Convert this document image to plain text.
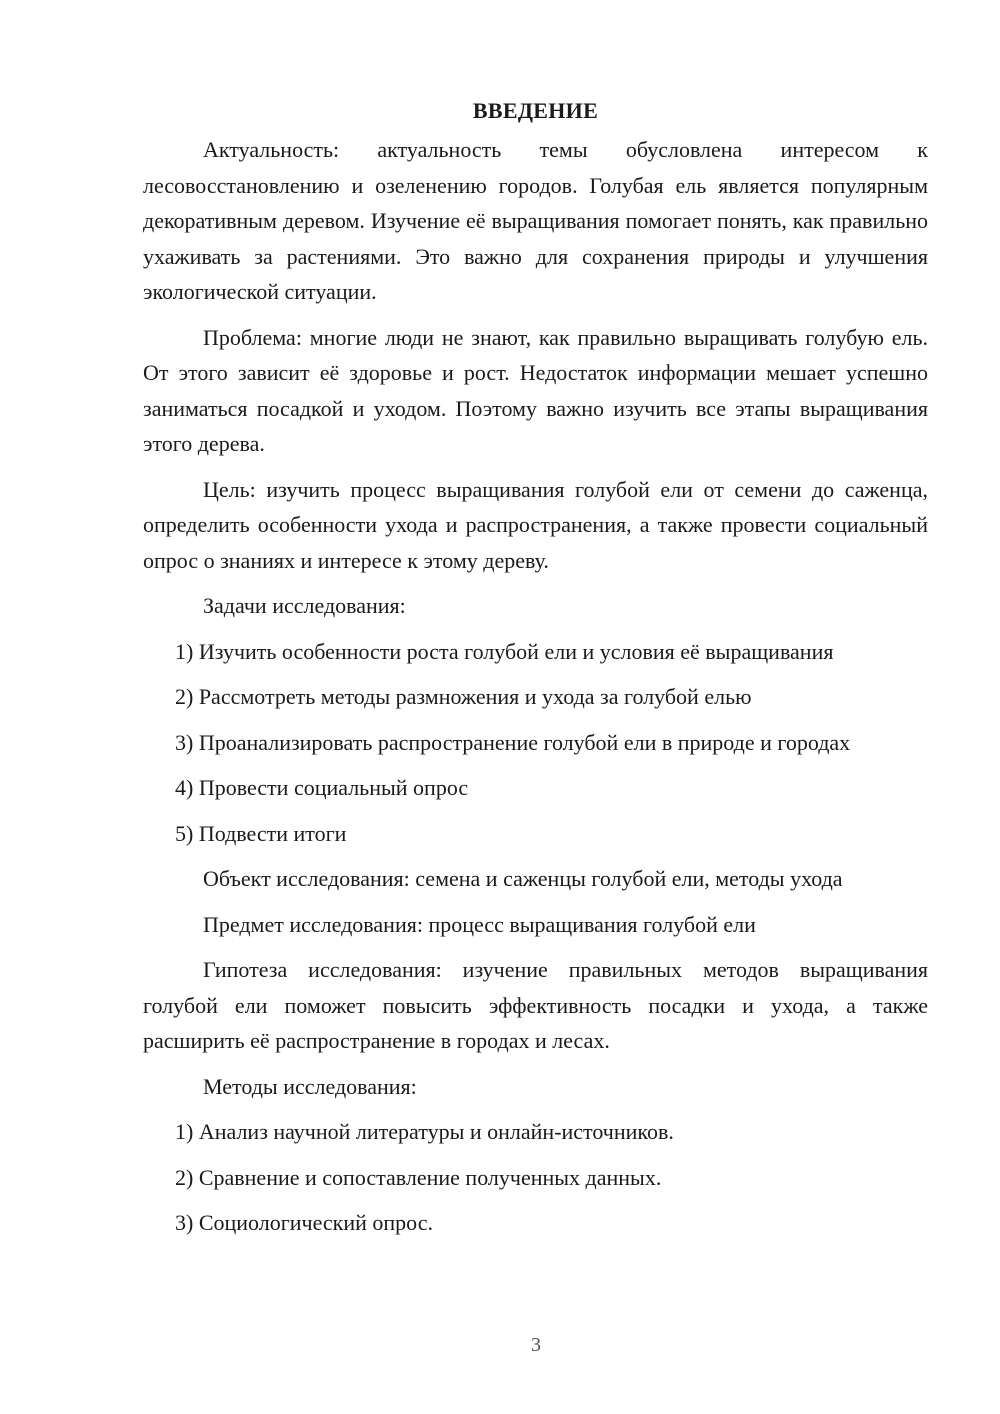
ВВЕДЕНИЕ

Актуальность: актуальность темы обусловлена интересом к лесовосстановлению и озеленению городов. Голубая ель является популярным декоративным деревом. Изучение её выращивания помогает понять, как правильно ухаживать за растениями. Это важно для сохранения природы и улучшения экологической ситуации.

Проблема: многие люди не знают, как правильно выращивать голубую ель. От этого зависит её здоровье и рост. Недостаток информации мешает успешно заниматься посадкой и уходом. Поэтому важно изучить все этапы выращивания этого дерева.

Цель: изучить процесс выращивания голубой ели от семени до саженца, определить особенности ухода и распространения, а также провести социальный опрос о знаниях и интересе к этому дереву.

Задачи исследования:

1) Изучить особенности роста голубой ели и условия её выращивания

2) Рассмотреть методы размножения и ухода за голубой елью

3) Проанализировать распространение голубой ели в природе и городах

4) Провести социальный опрос

5) Подвести итоги

Объект исследования: семена и саженцы голубой ели, методы ухода

Предмет исследования: процесс выращивания голубой ели

Гипотеза исследования: изучение правильных методов выращивания голубой ели поможет повысить эффективность посадки и ухода, а также расширить её распространение в городах и лесах.

Методы исследования:

1) Анализ научной литературы и онлайн-источников.

2) Сравнение и сопоставление полученных данных.

3) Социологический опрос.

3
